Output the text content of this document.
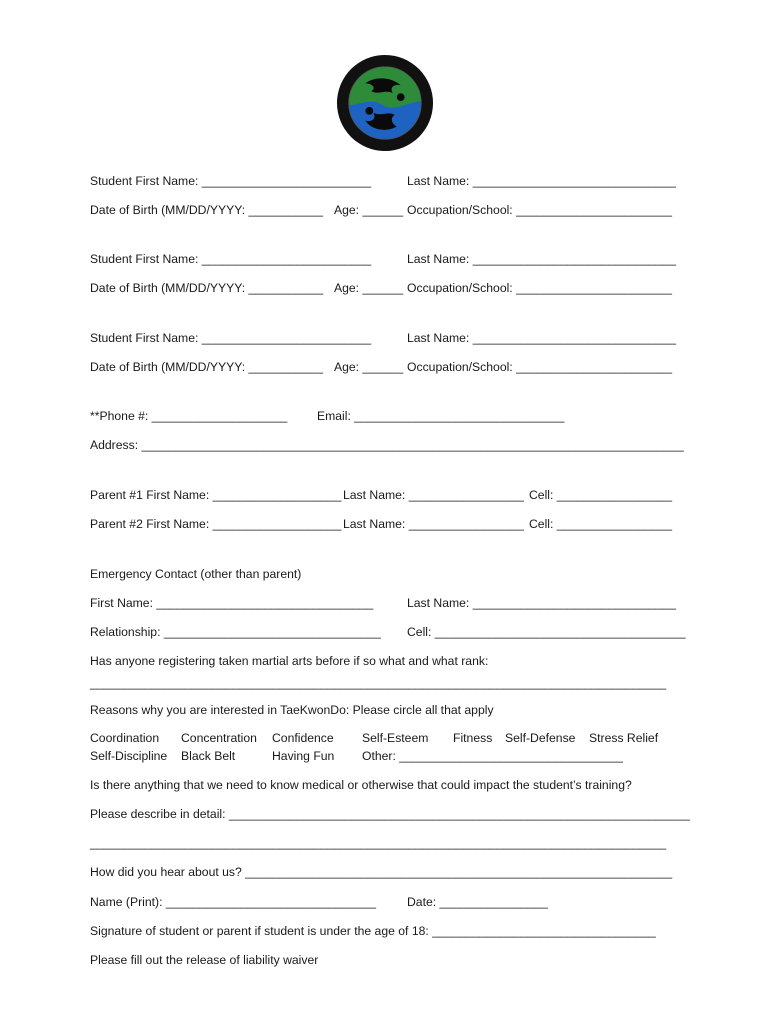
Student First Name: _________________________	Last Name: ______________________________
Date of Birth (MM/DD/YYYY: ___________ Age: ______ Occupation/School: _______________________
Student First Name: _________________________	Last Name: ______________________________
Date of Birth (MM/DD/YYYY: ___________ Age: ______ Occupation/School: _______________________
Student First Name: _________________________	Last Name: ______________________________
Date of Birth (MM/DD/YYYY: ___________ Age: ______ Occupation/School: _______________________
**Phone #: ____________________ Email: _______________________________
Address: ________________________________________________________________________________
Parent #1 First Name: ___________________ Last Name: _________________ Cell: _________________
Parent #2 First Name: ___________________ Last Name: _________________ Cell: _________________
Emergency Contact (other than parent)
First Name: ________________________________	Last Name: ______________________________
Relationship: ________________________________ Cell: _____________________________________
Has anyone registering taken martial arts before if so what and what rank:
_____________________________________________________________________________________
Reasons why you are interested in TaeKwonDo: Please circle all that apply
Coordination Concentration Confidence Self-Esteem Fitness Self-Defense Stress Relief
Self-Discipline Black Belt	Having Fun Other: _________________________________
Is there anything that we need to know medical or otherwise that could impact the student’s training?
Please describe in detail: ____________________________________________________________________
_____________________________________________________________________________________
How did you hear about us? _______________________________________________________________
Name (Print): _______________________________	Date: ________________
Signature of student or parent if student is under the age of 18: _________________________________
Please fill out the release of liability waiver
